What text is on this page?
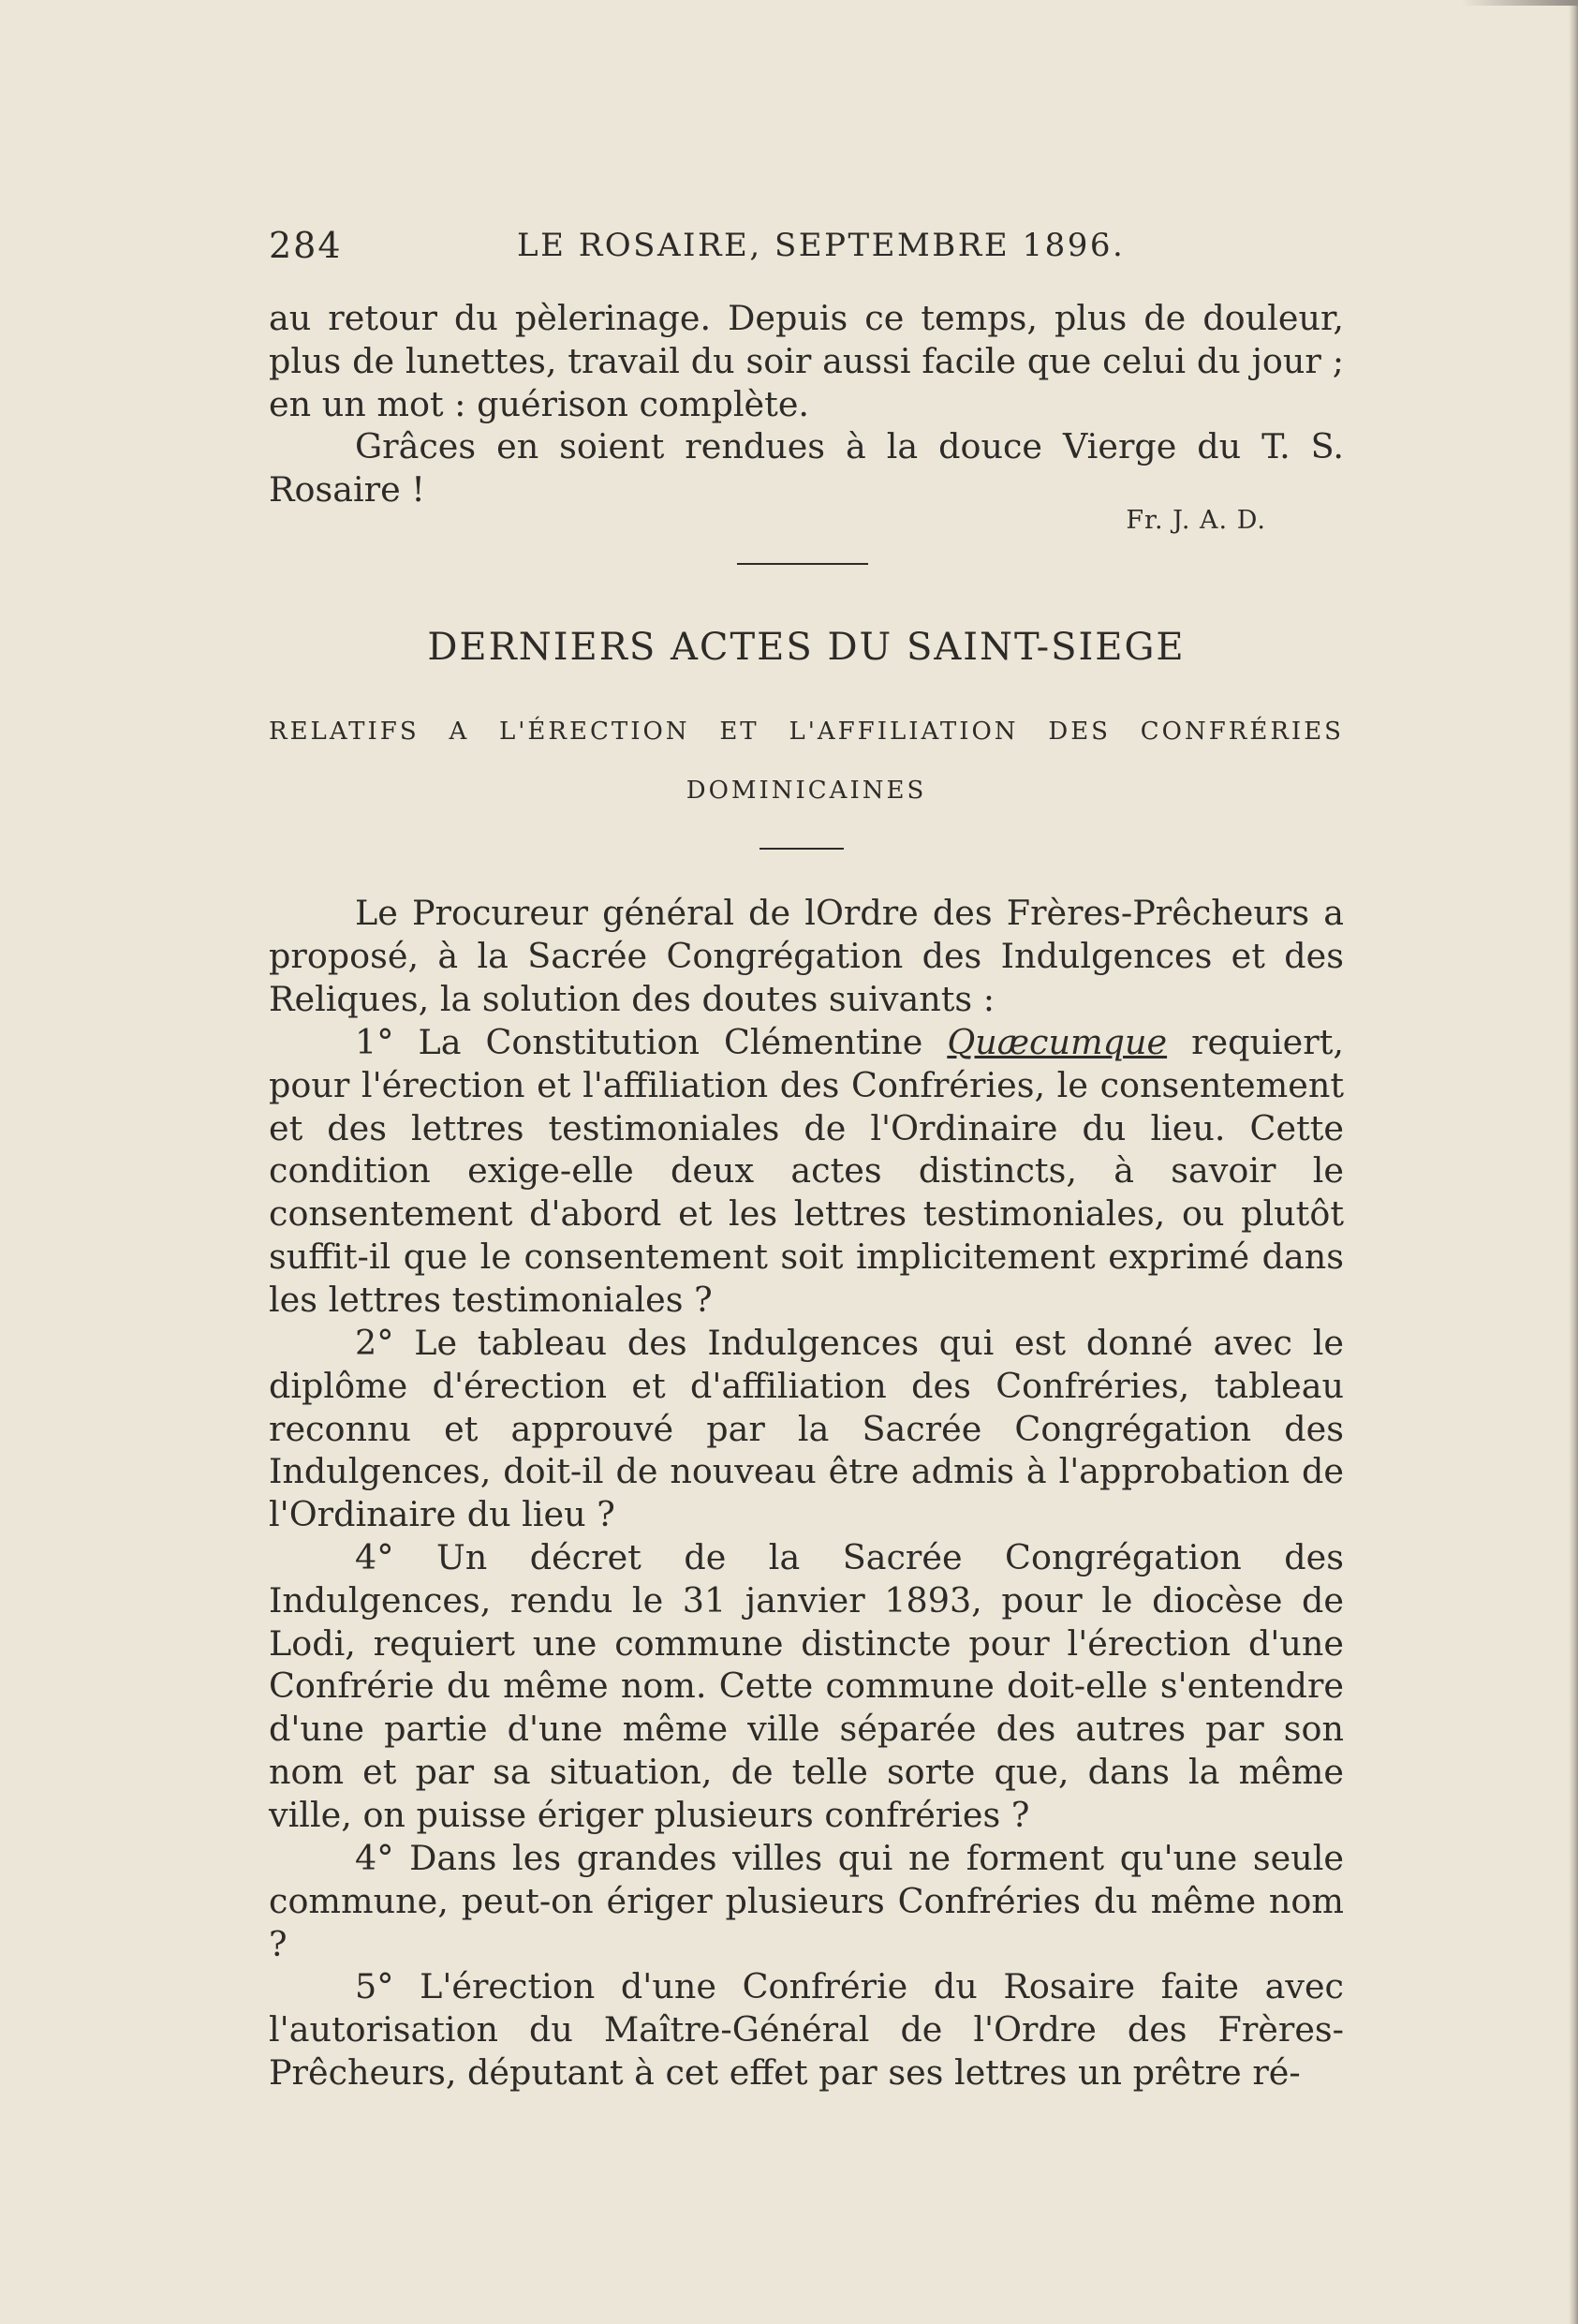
284	LE ROSAIRE, SEPTEMBRE 1896.

au retour du pèlerinage. Depuis ce temps, plus de douleur, plus de lunettes, travail du soir aussi facile que celui du jour ; en un mot : guérison complète.

Grâces en soient rendues à la douce Vierge du T. S. Rosaire !

Fr. J. A. D.
DERNIERS ACTES DU SAINT-SIEGE
RELATIFS A L'ÉRECTION ET L'AFFILIATION DES CONFRÉRIES
DOMINICAINES

Le Procureur général de lOrdre des Frères-Prêcheurs a proposé, à la Sacrée Congrégation des Indulgences et des Reliques, la solution des doutes suivants :

1° La Constitution Clémentine Quæcumque requiert, pour l'érection et l'affiliation des Confréries, le consentement et des lettres testimoniales de l'Ordinaire du lieu. Cette condition exige-elle deux actes distincts, à savoir le consentement d'abord et les lettres testimoniales, ou plutôt suffit-il que le consentement soit implicitement exprimé dans les lettres testimoniales ?

2° Le tableau des Indulgences qui est donné avec le diplôme d'érection et d'affiliation des Confréries, tableau reconnu et approuvé par la Sacrée Congrégation des Indulgences, doit-il de nouveau être admis à l'approbation de l'Ordinaire du lieu ?

4° Un décret de la Sacrée Congrégation des Indulgences, rendu le 31 janvier 1893, pour le diocèse de Lodi, requiert une commune distincte pour l'érection d'une Confrérie du même nom. Cette commune doit-elle s'entendre d'une partie d'une même ville séparée des autres par son nom et par sa situation, de telle sorte que, dans la même ville, on puisse ériger plusieurs confréries ?

4° Dans les grandes villes qui ne forment qu'une seule commune, peut-on ériger plusieurs Confréries du même nom ?

5° L'érection d'une Confrérie du Rosaire faite avec l'autorisation du Maître-Général de l'Ordre des Frères-Prêcheurs, députant à cet effet par ses lettres un prêtre ré-
